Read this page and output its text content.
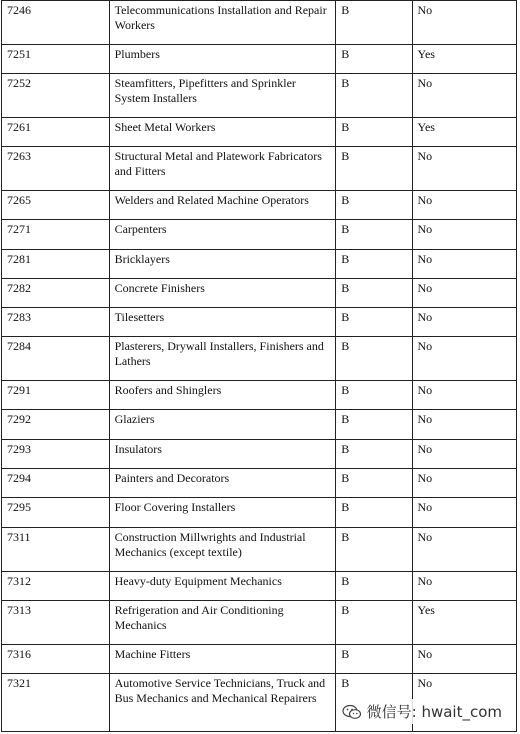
7246	Telecommunications Installation and Repair Workers	B	No
7251	Plumbers	B	Yes
7252	Steamfitters, Pipefitters and Sprinkler System Installers	B	No
7261	Sheet Metal Workers	B	Yes
7263	Structural Metal and Platework Fabricators and Fitters	B	No
7265	Welders and Related Machine Operators	B	No
7271	Carpenters	B	No
7281	Bricklayers	B	No
7282	Concrete Finishers	B	No
7283	Tilesetters	B	No
7284	Plasterers, Drywall Installers, Finishers and Lathers	B	No
7291	Roofers and Shinglers	B	No
7292	Glaziers	B	No
7293	Insulators	B	No
7294	Painters and Decorators	B	No
7295	Floor Covering Installers	B	No
7311	Construction Millwrights and Industrial Mechanics (except textile)	B	No
7312	Heavy-duty Equipment Mechanics	B	No
7313	Refrigeration and Air Conditioning Mechanics	B	Yes
7316	Machine Fitters	B	No
7321	Automotive Service Technicians, Truck and Bus Mechanics and Mechanical Repairers	B	No
微信号: hwait_com
